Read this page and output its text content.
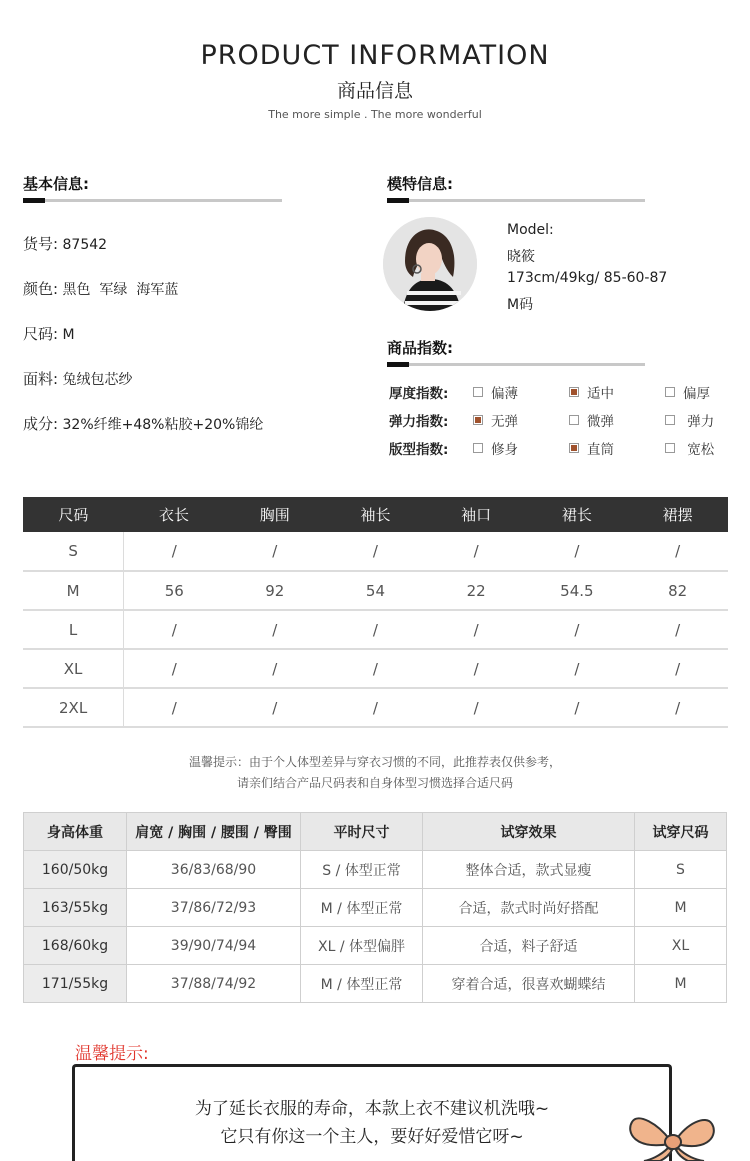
PRODUCT INFORMATION
商品信息
The more simple . The more wonderful
基本信息:
货号: 87542
颜色: 黑色  军绿  海军蓝
尺码: M
面料: 兔绒包芯纱
成分: 32%纤维+48%粘胶+20%锦纶
模特信息:
Model:
晓筱
173cm/49kg/ 85-60-87
M码
商品指数:
厚度指数:	偏薄	适中	偏厚
弹力指数:	无弹	微弹	弹力
版型指数:	修身	直筒	宽松
尺码	衣长	胸围	袖长	袖口	裙长	裙摆
S	/	/	/	/	/	/
M	56	92	54	22	54.5	82
L	/	/	/	/	/	/
XL	/	/	/	/	/	/
2XL	/	/	/	/	/	/
温馨提示：由于个人体型差异与穿衣习惯的不同，此推荐表仅供参考，
请亲们结合产品尺码表和自身体型习惯选择合适尺码
身高体重	肩宽 / 胸围 / 腰围 / 臀围	平时尺寸	试穿效果	试穿尺码
160/50kg	36/83/68/90	S / 体型正常	整体合适，款式显瘦	S
163/55kg	37/86/72/93	M / 体型正常	合适，款式时尚好搭配	M
168/60kg	39/90/74/94	XL / 体型偏胖	合适，料子舒适	XL
171/55kg	37/88/74/92	M / 体型正常	穿着合适，很喜欢蝴蝶结	M
温馨提示:
为了延长衣服的寿命，本款上衣不建议机洗哦~
它只有你这一个主人，要好好爱惜它呀~
